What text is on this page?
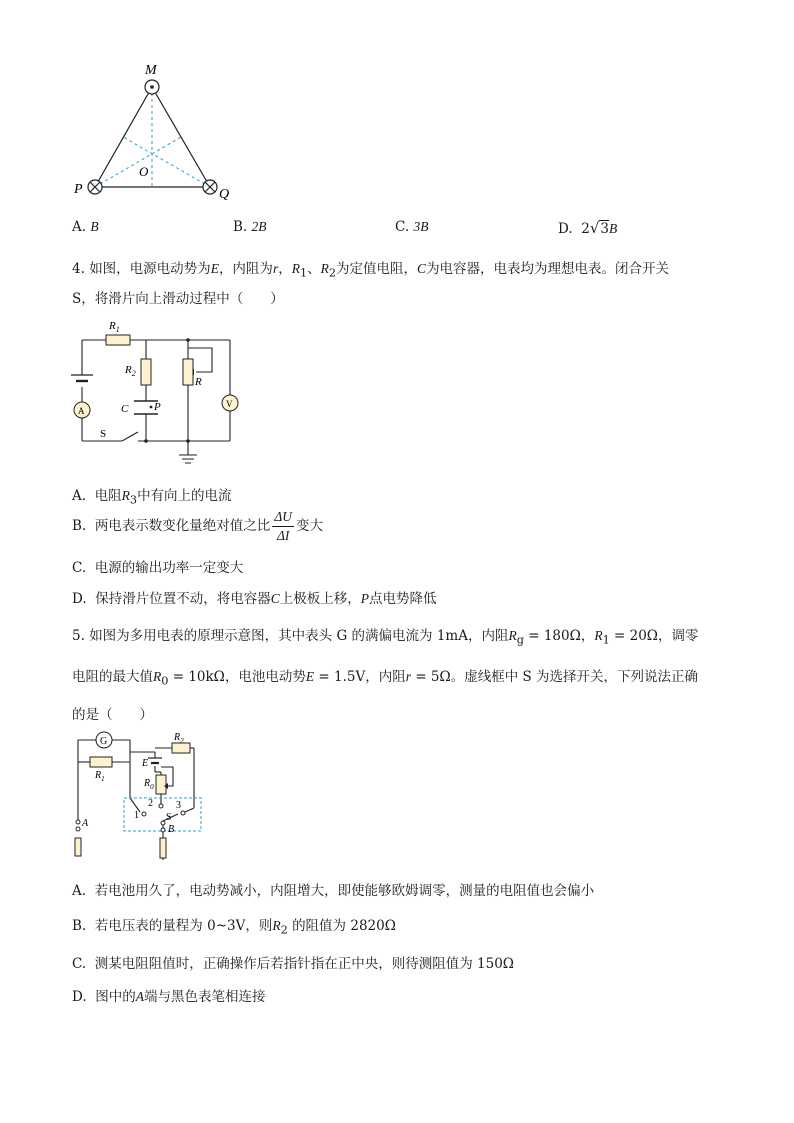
M
P	Q
O
A. B	B. 2B	C. 3B	D. 2√3B
4. 如图，电源电动势为E，内阻为r，$R_1$、$R_2$为定值电阻，C为电容器，电表均为理想电表。闭合开关
S，将滑片向上滑动过程中（　　）
$R_1$
$R_2$
R
C P
A
V
S
A. 电阻$R_3$中有向上的电流
B. 两电表示数变化量绝对值之比 $\frac{\Delta U}{\Delta I}$ 变大
C. 电源的输出功率一定变大
D. 保持滑片位置不动，将电容器C上极板上移，P点电势降低
5. 如图为多用电表的原理示意图，其中表头 G 的满偏电流为 1mA，内阻$R_g = 180\Omega$，$R_1 = 20\Omega$，调零
电阻的最大值$R_0 = 10k\Omega$，电池电动势E = 1.5V，内阻r = 5Ω。虚线框中 S 为选择开关，下列说法正确
的是（　　）
G
$R_1$
$R_2$
E
$R_0$
1
2 3
S
A
B
A. 若电池用久了，电动势减小，内阻增大，即使能够欧姆调零，测量的电阻值也会偏小
B. 若电压表的量程为 0~3V，则$R_2$ 的阻值为 2820Ω
C. 测某电阻阻值时，正确操作后若指针指在正中央，则待测阻值为 150Ω
D. 图中的A端与黑色表笔相连接
